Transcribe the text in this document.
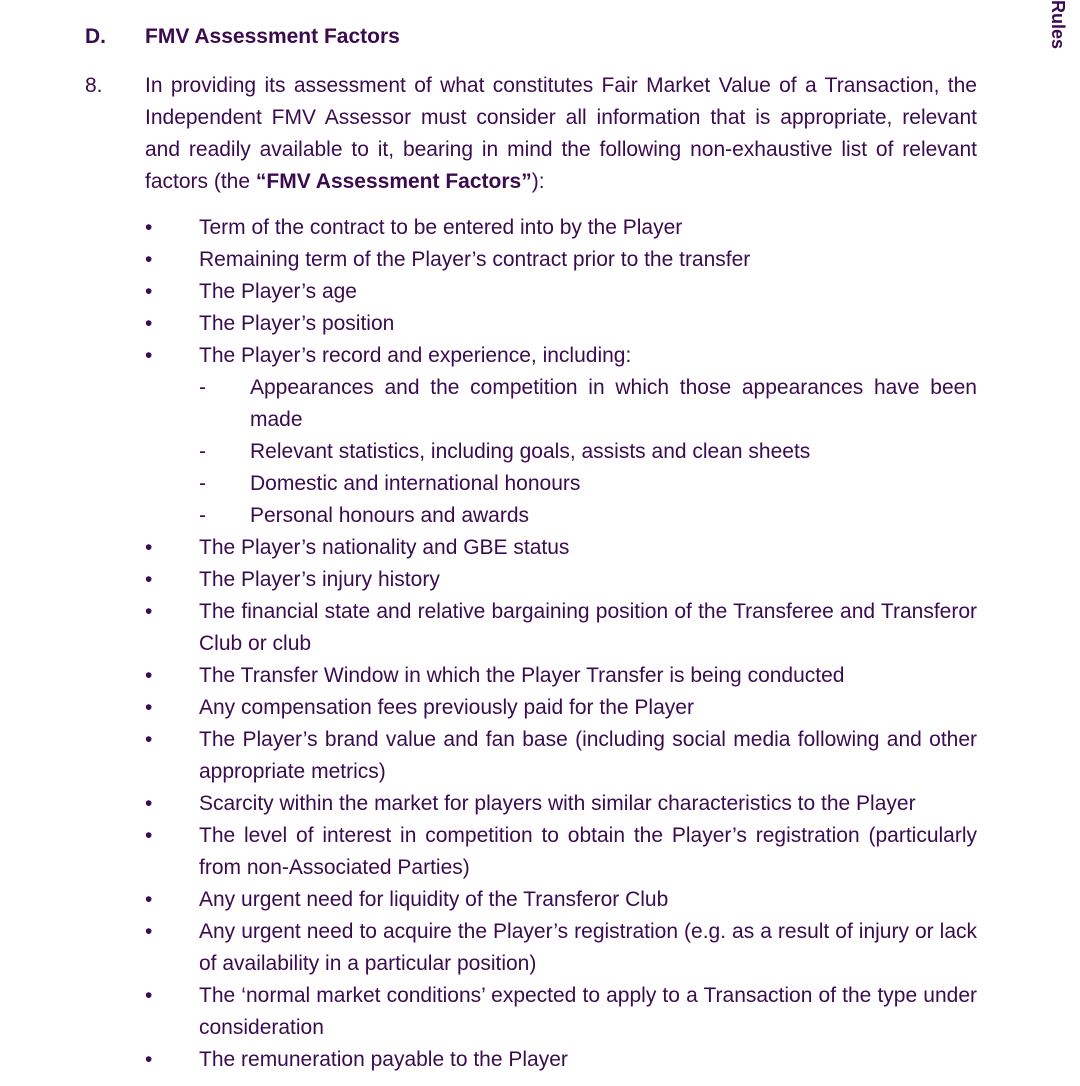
Rules
D.	FMV Assessment Factors
8.	In providing its assessment of what constitutes Fair Market Value of a Transaction, the Independent FMV Assessor must consider all information that is appropriate, relevant and readily available to it, bearing in mind the following non-exhaustive list of relevant factors (the “FMV Assessment Factors”):
• Term of the contract to be entered into by the Player
• Remaining term of the Player’s contract prior to the transfer
• The Player’s age
• The Player’s position
• The Player’s record and experience, including:
- Appearances and the competition in which those appearances have been made
- Relevant statistics, including goals, assists and clean sheets
- Domestic and international honours
- Personal honours and awards
• The Player’s nationality and GBE status
• The Player’s injury history
• The financial state and relative bargaining position of the Transferee and Transferor Club or club
• The Transfer Window in which the Player Transfer is being conducted
• Any compensation fees previously paid for the Player
• The Player’s brand value and fan base (including social media following and other appropriate metrics)
• Scarcity within the market for players with similar characteristics to the Player
• The level of interest in competition to obtain the Player’s registration (particularly from non-Associated Parties)
• Any urgent need for liquidity of the Transferor Club
• Any urgent need to acquire the Player’s registration (e.g. as a result of injury or lack of availability in a particular position)
• The ‘normal market conditions’ expected to apply to a Transaction of the type under consideration
• The remuneration payable to the Player
